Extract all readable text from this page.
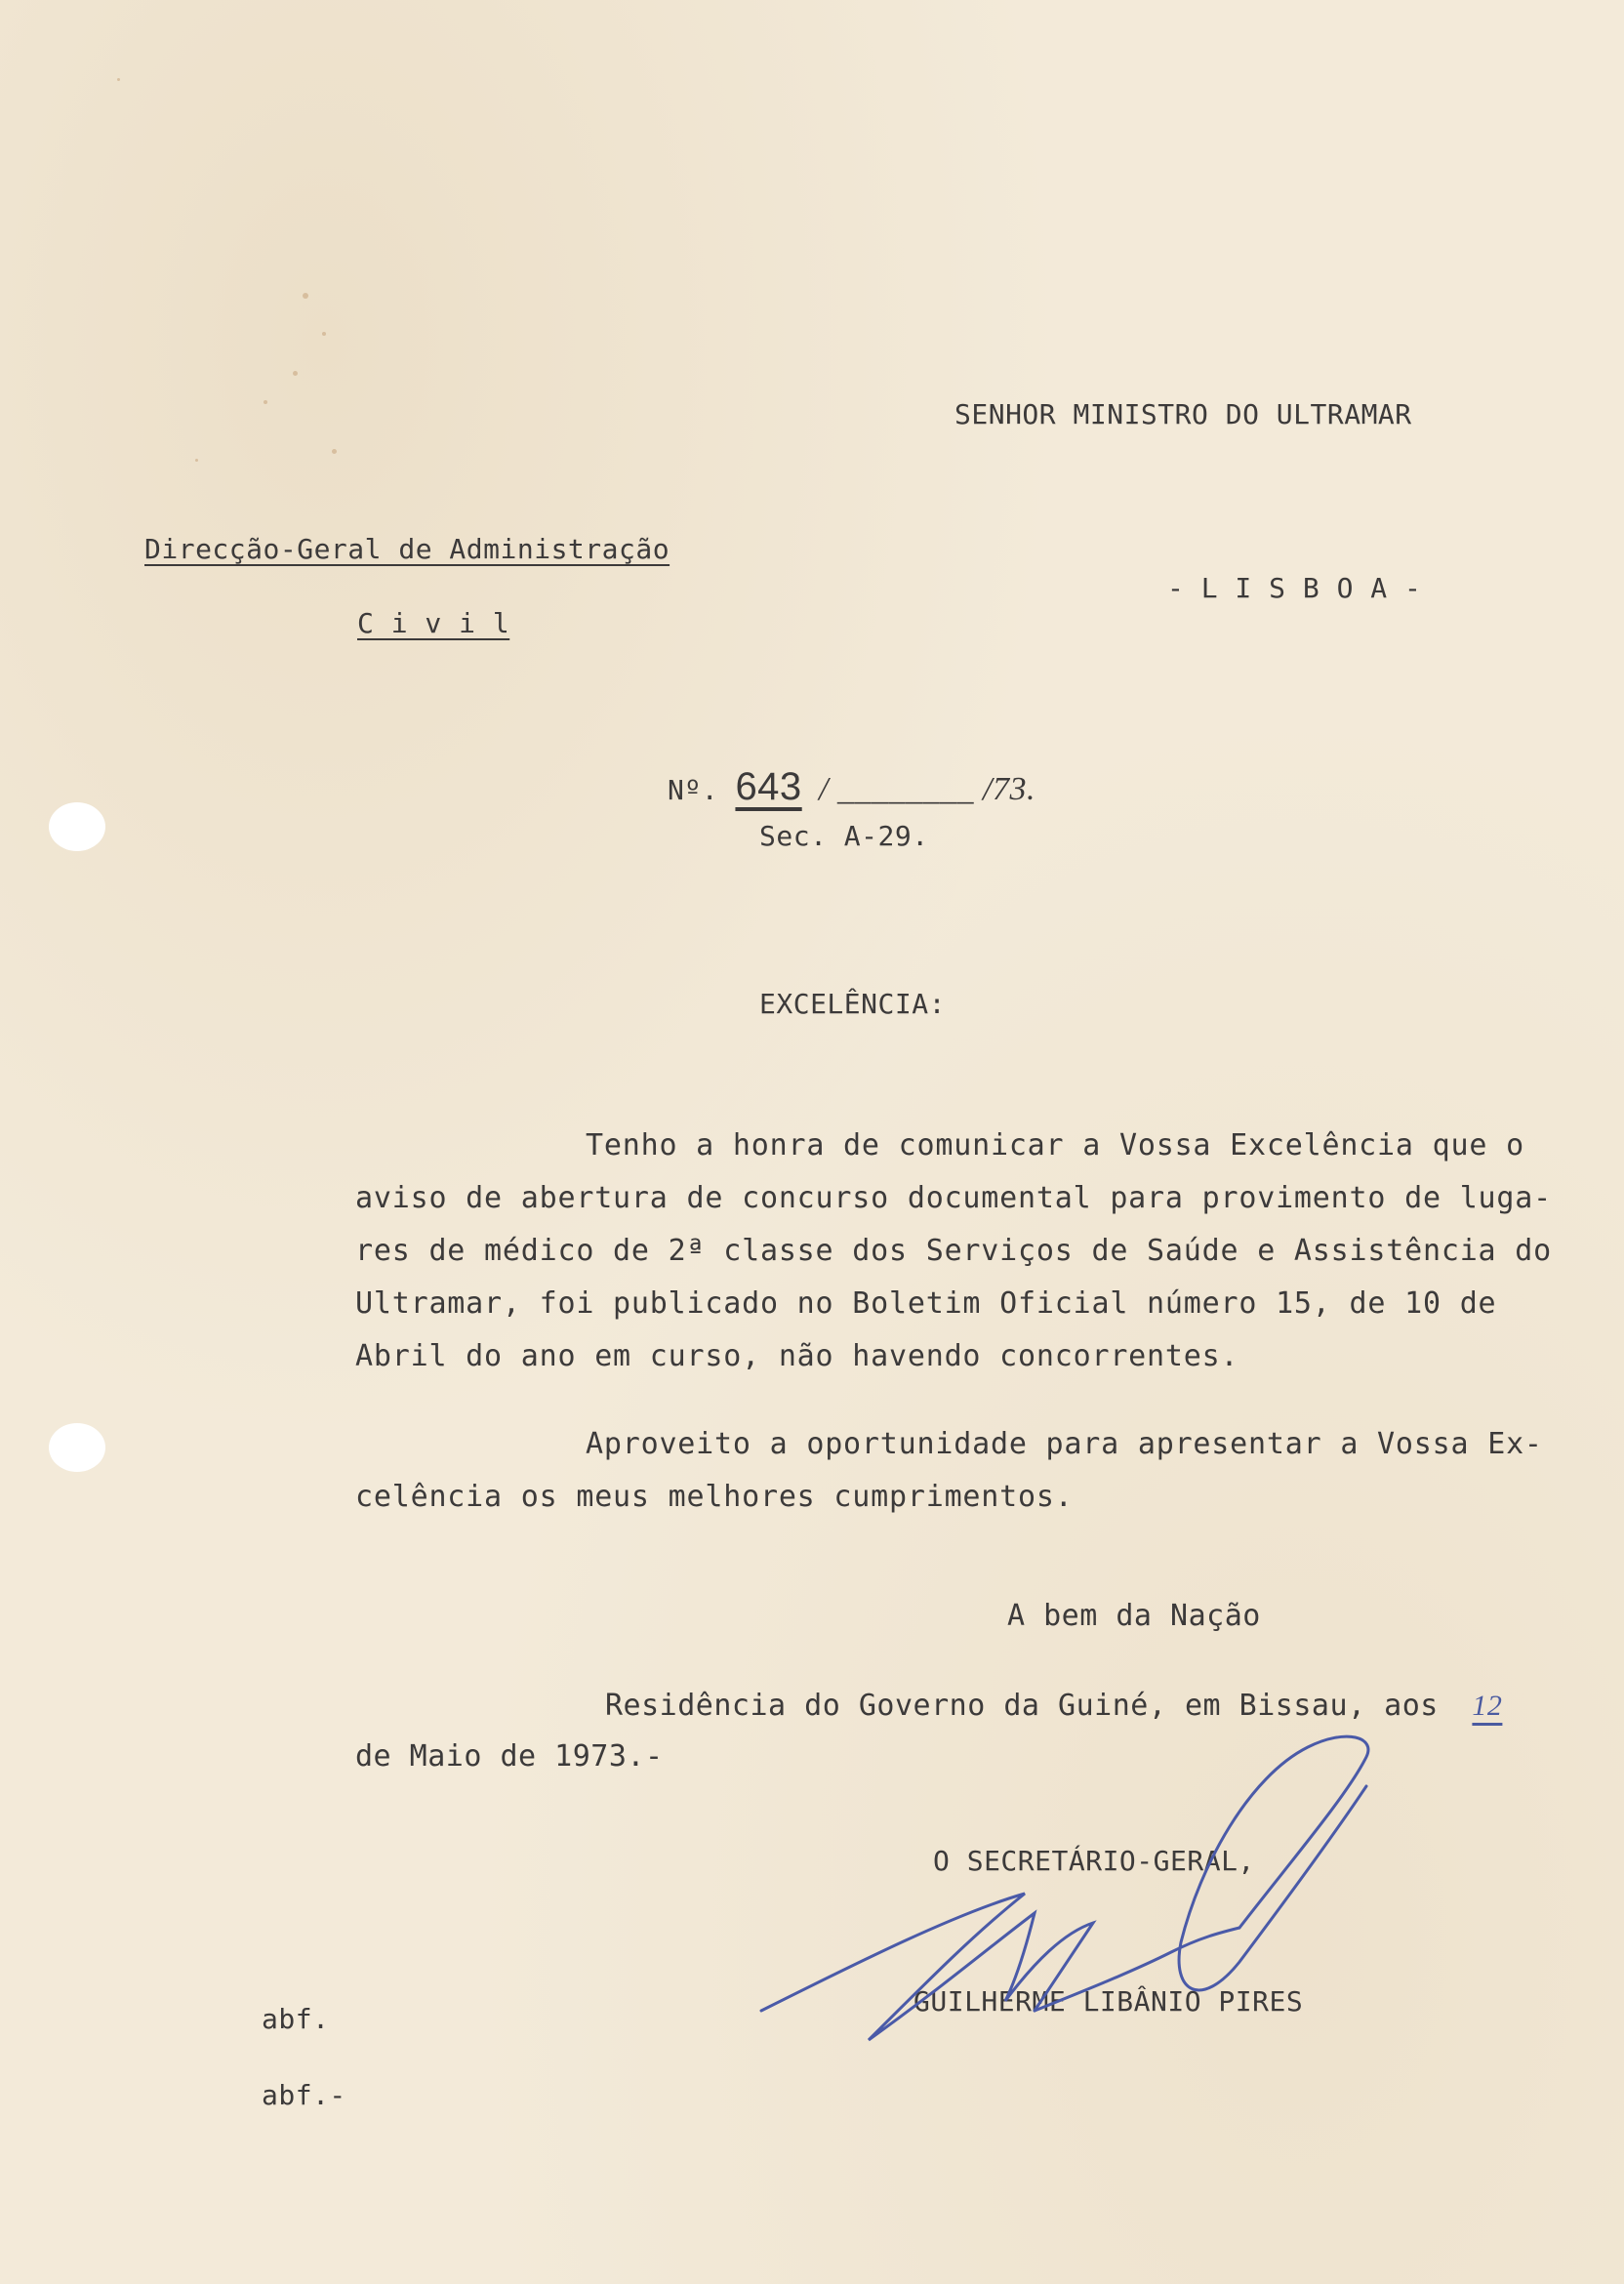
SENHOR MINISTRO DO ULTRAMAR
Direcção-Geral de Administração
C i v i l
- L I S B O A -
Nº. 643 / ________ /73.
Sec. A-29.
EXCELÊNCIA:
Tenho a honra de comunicar a Vossa Excelência que o
aviso de abertura de concurso documental para provimento de luga-
res de médico de 2ª classe dos Serviços de Saúde e Assistência do
Ultramar, foi publicado no Boletim Oficial número 15, de 10 de
Abril do ano em curso, não havendo concorrentes.
Aproveito a oportunidade para apresentar a Vossa Ex-
celência os meus melhores cumprimentos.
A bem da Nação
Residência do Governo da Guiné, em Bissau, aos 12
de Maio de 1973.-
O SECRETÁRIO-GERAL,
GUILHERME LIBÂNIO PIRES
abf.
abf.-
